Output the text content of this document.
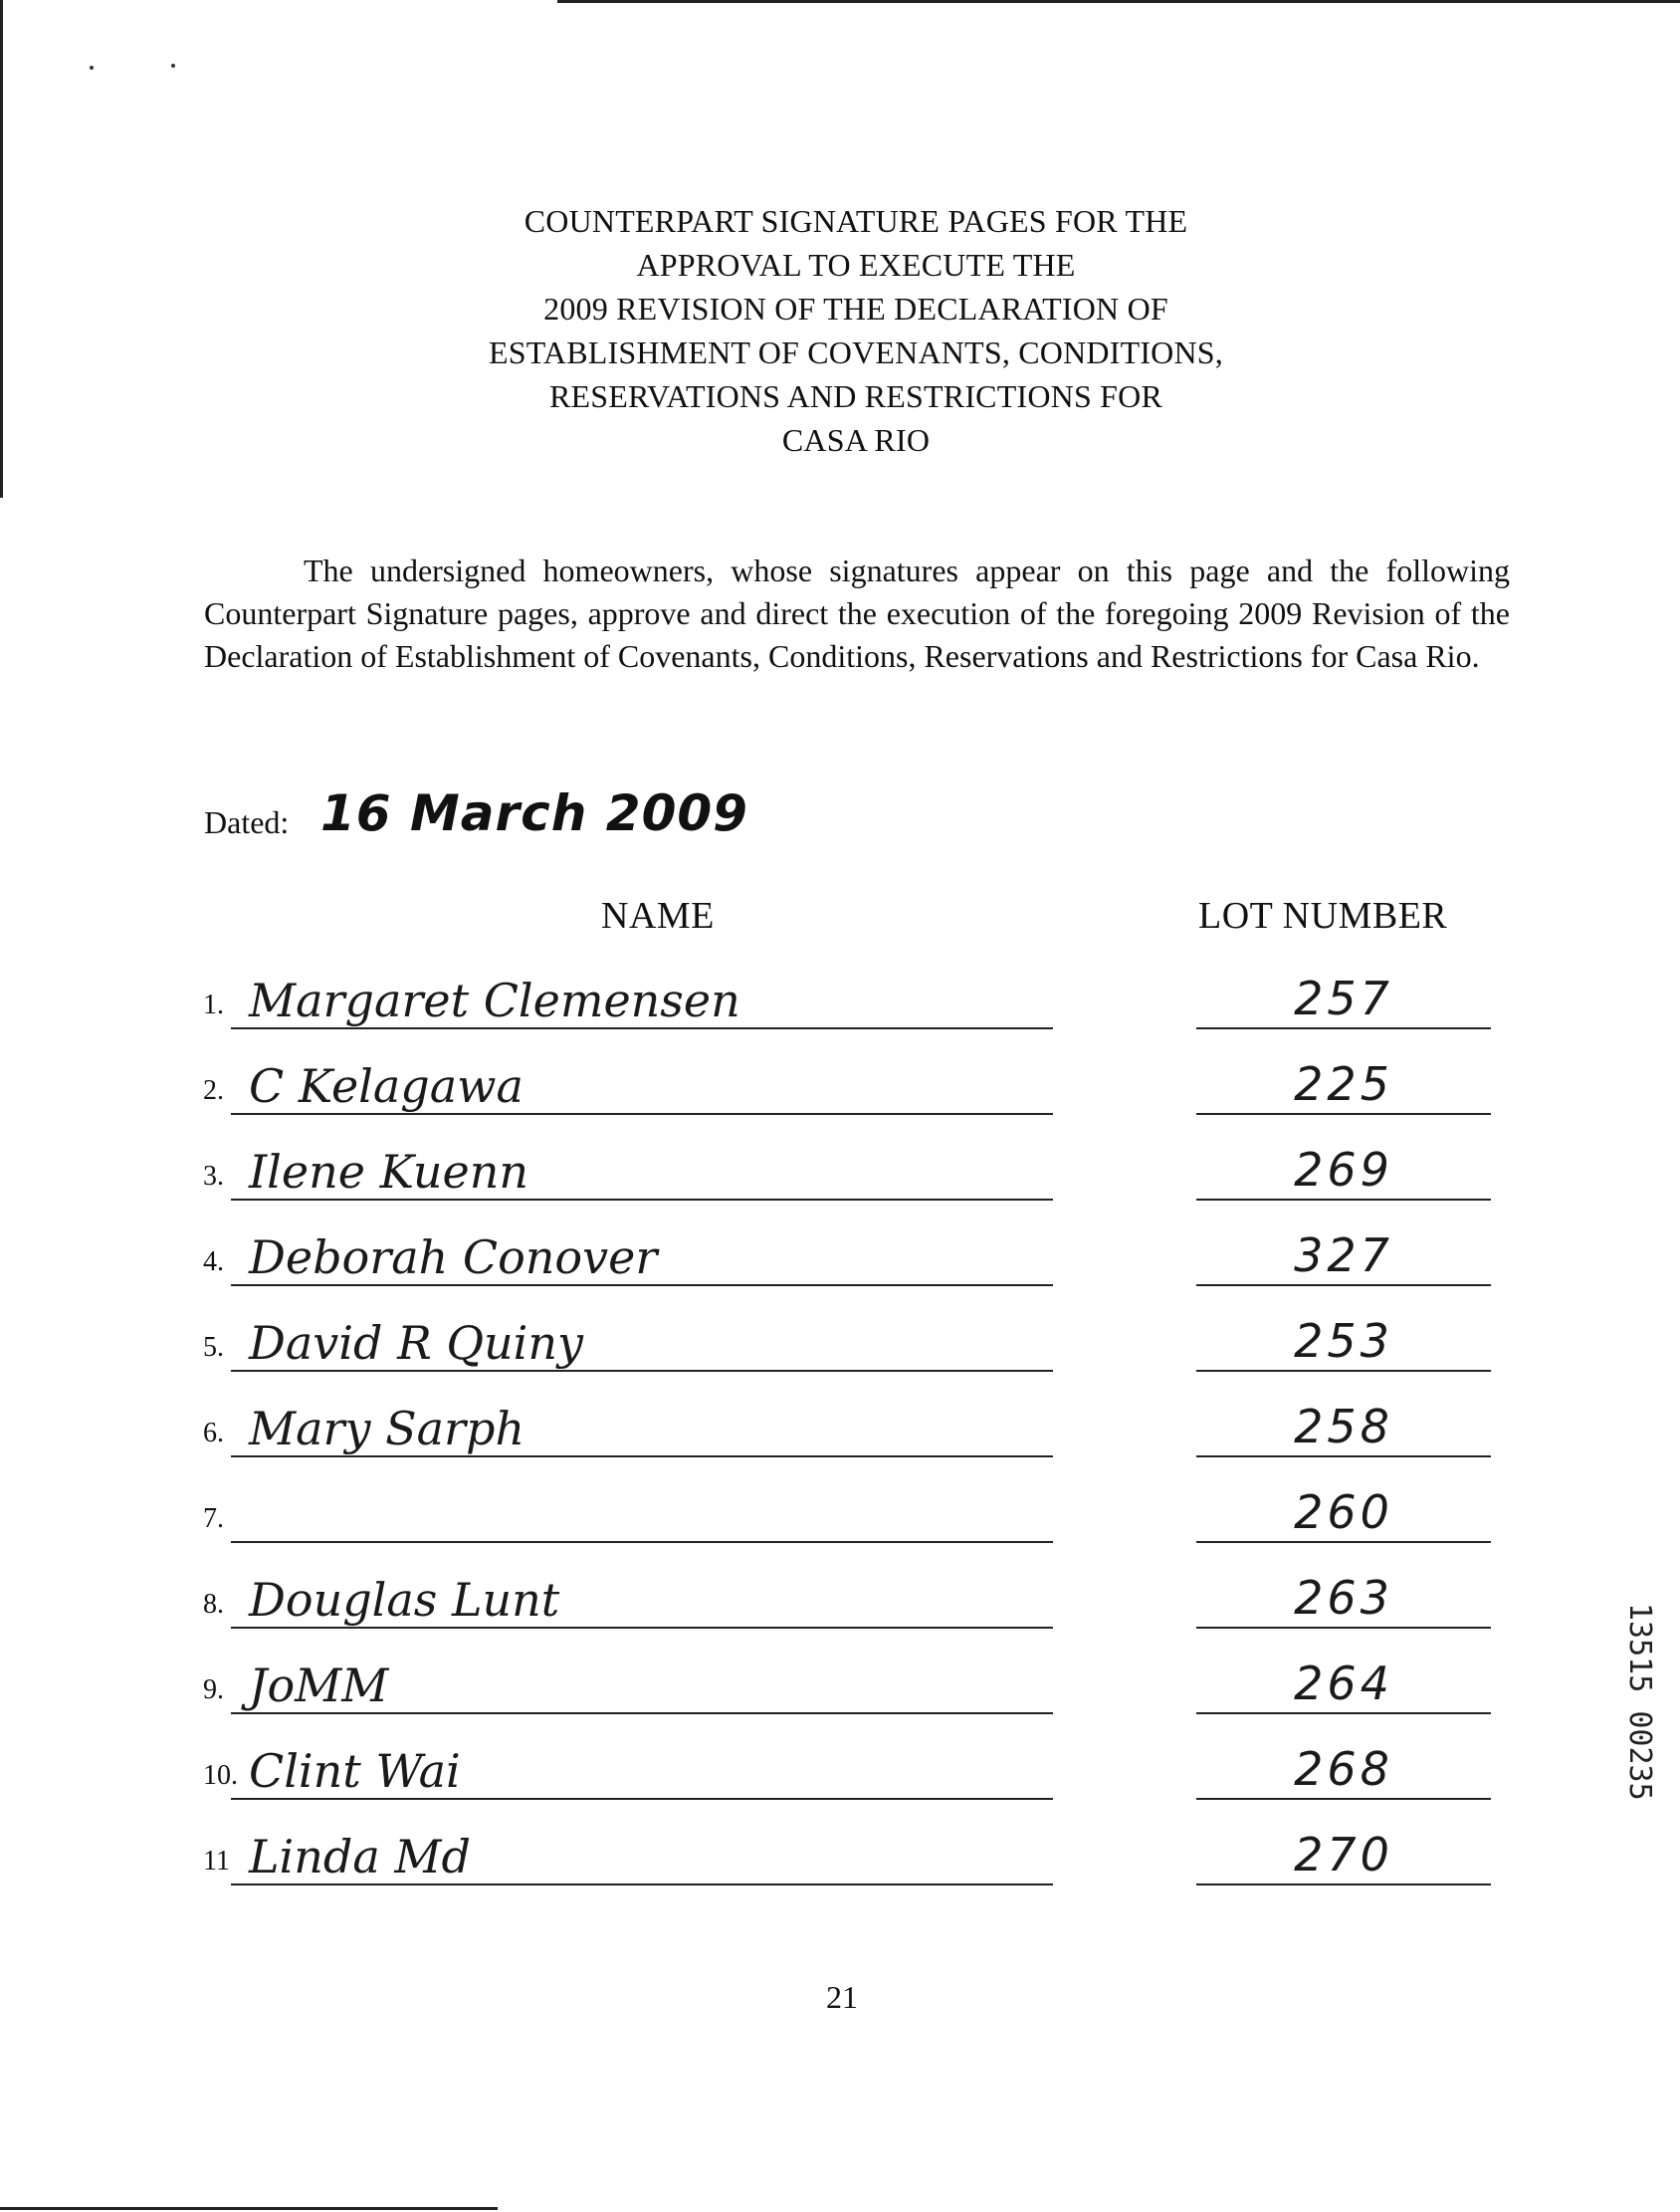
COUNTERPART SIGNATURE PAGES FOR THE
APPROVAL TO EXECUTE THE
2009 REVISION OF THE DECLARATION OF
ESTABLISHMENT OF COVENANTS, CONDITIONS,
RESERVATIONS AND RESTRICTIONS FOR
CASA RIO
The undersigned homeowners, whose signatures appear on this page and the following Counterpart Signature pages, approve and direct the execution of the foregoing 2009 Revision of the Declaration of Establishment of Covenants, Conditions, Reservations and Restrictions for Casa Rio.
Dated: 16 March 2009
NAME	LOT NUMBER
1. Margaret Clemensen	257
2. C Kelagawa	225
3. Ilene Kuenn	269
4. Deborah Conover	327
5. David R Quiny	253
6. Mary Sarph	258
7.	260
8. Douglas Lunt	263
9. JoMM	264
10. Clint Wai	268
11 Linda Md	270
21
13515 00235
